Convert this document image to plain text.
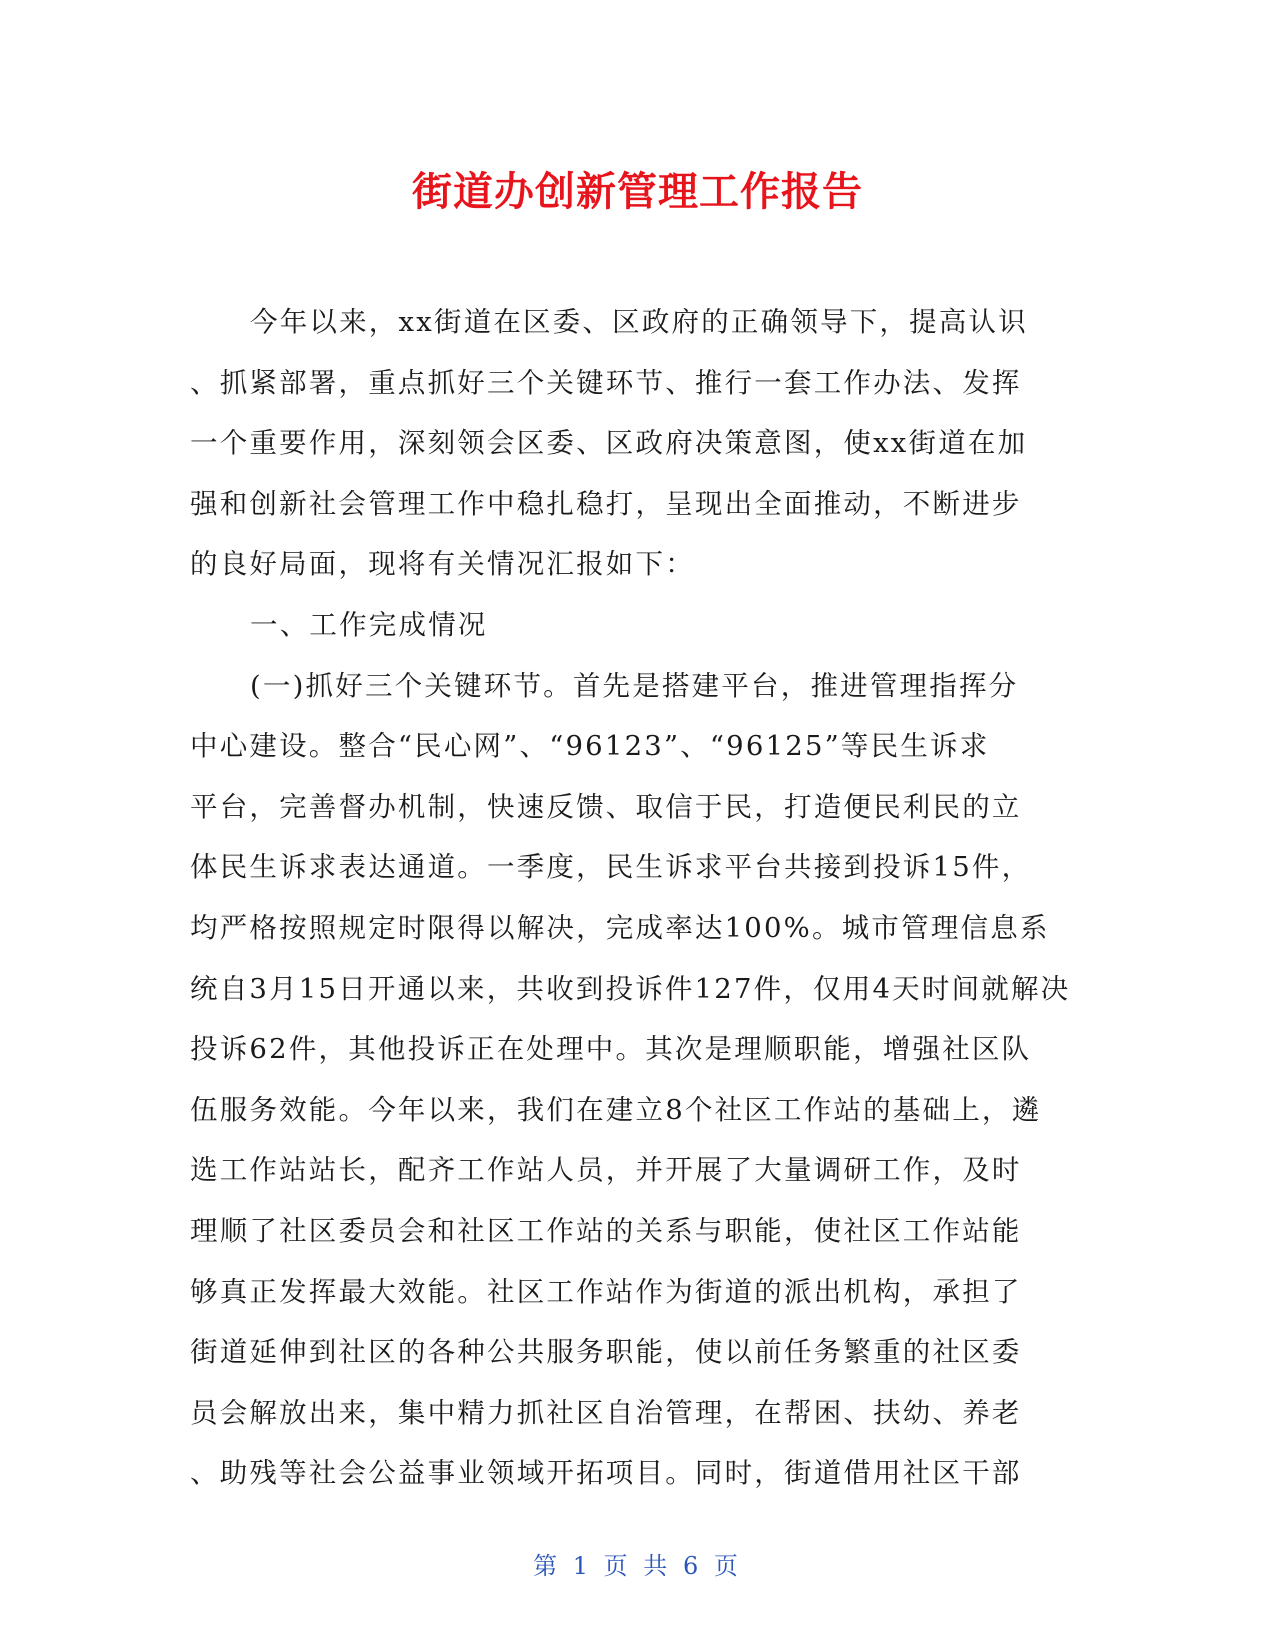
街道办创新管理工作报告
今年以来，xx街道在区委、区政府的正确领导下，提高认识
、抓紧部署，重点抓好三个关键环节、推行一套工作办法、发挥
一个重要作用，深刻领会区委、区政府决策意图，使xx街道在加
强和创新社会管理工作中稳扎稳打，呈现出全面推动，不断进步
的良好局面，现将有关情况汇报如下：
一、工作完成情况
(一)抓好三个关键环节。首先是搭建平台，推进管理指挥分
中心建设。整合“民心网”、“96123”、“96125”等民生诉求
平台，完善督办机制，快速反馈、取信于民，打造便民利民的立
体民生诉求表达通道。一季度，民生诉求平台共接到投诉15件，
均严格按照规定时限得以解决，完成率达100%。城市管理信息系
统自3月15日开通以来，共收到投诉件127件，仅用4天时间就解决
投诉62件，其他投诉正在处理中。其次是理顺职能，增强社区队
伍服务效能。今年以来，我们在建立8个社区工作站的基础上，遴
选工作站站长，配齐工作站人员，并开展了大量调研工作，及时
理顺了社区委员会和社区工作站的关系与职能，使社区工作站能
够真正发挥最大效能。社区工作站作为街道的派出机构，承担了
街道延伸到社区的各种公共服务职能，使以前任务繁重的社区委
员会解放出来，集中精力抓社区自治管理，在帮困、扶幼、养老
、助残等社会公益事业领域开拓项目。同时，街道借用社区干部
第 1 页 共 6 页
